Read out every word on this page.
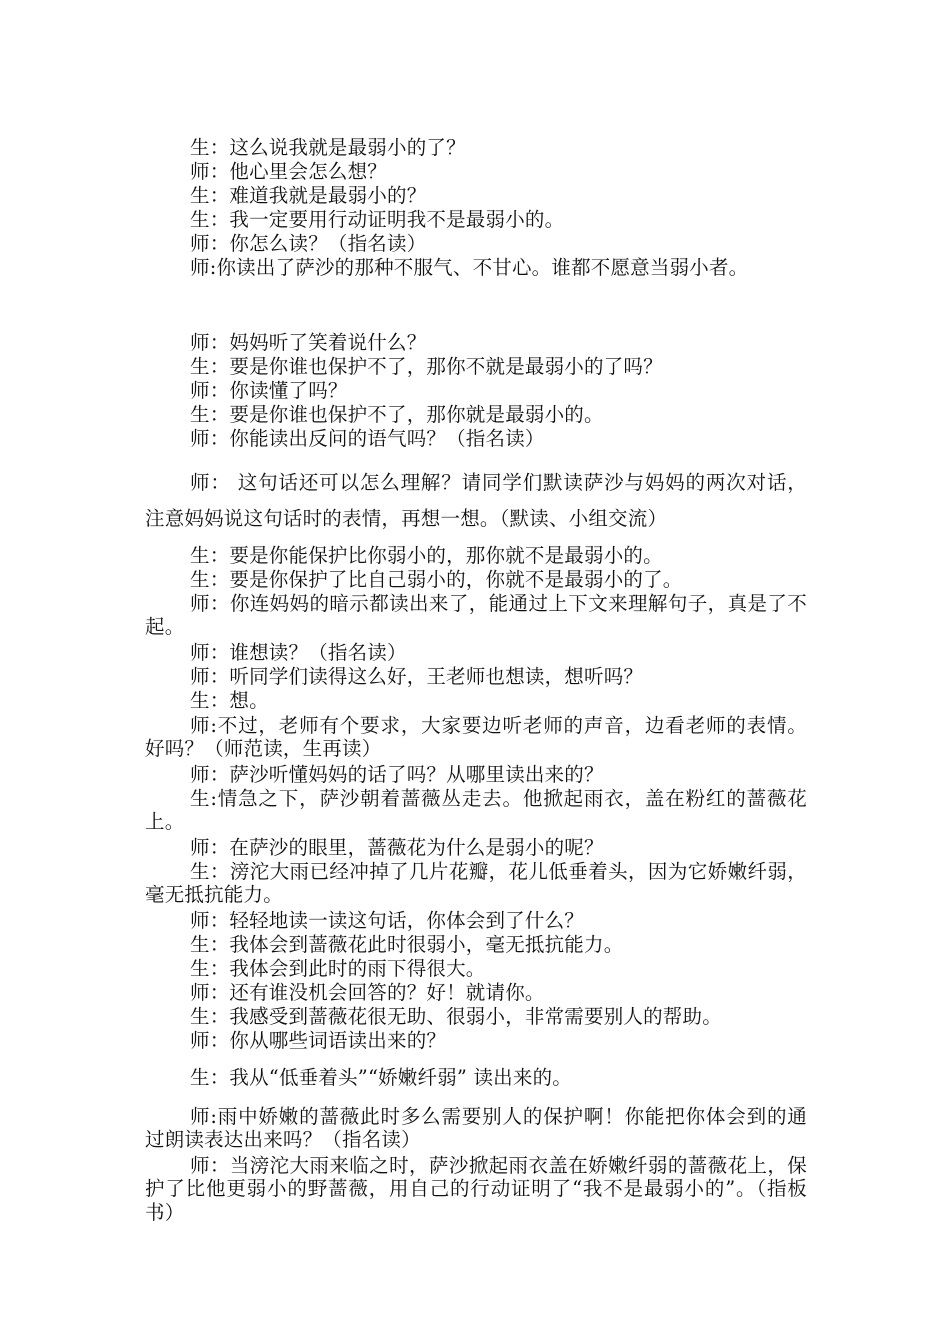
生：这么说我就是最弱小的了？

师：他心里会怎么想？

生：难道我就是最弱小的？

生：我一定要用行动证明我不是最弱小的。

师：你怎么读？（指名读）

师:你读出了萨沙的那种不服气、不甘心。谁都不愿意当弱小者。

师：妈妈听了笑着说什么？

生：要是你谁也保护不了，那你不就是最弱小的了吗？

师：你读懂了吗？

生：要是你谁也保护不了，那你就是最弱小的。

师：你能读出反问的语气吗？（指名读）

师： 这句话还可以怎么理解？请同学们默读萨沙与妈妈的两次对话，注意妈妈说这句话时的表情，再想一想。（默读、小组交流）

生：要是你能保护比你弱小的，那你就不是最弱小的。

生：要是你保护了比自己弱小的，你就不是最弱小的了。

师：你连妈妈的暗示都读出来了，能通过上下文来理解句子，真是了不起。

师：谁想读？（指名读）

师：听同学们读得这么好，王老师也想读，想听吗？

生：想。

师:不过，老师有个要求，大家要边听老师的声音，边看老师的表情。好吗？（师范读，生再读）

师：萨沙听懂妈妈的话了吗？从哪里读出来的？

生:情急之下，萨沙朝着蔷薇丛走去。他掀起雨衣，盖在粉红的蔷薇花上。

师：在萨沙的眼里，蔷薇花为什么是弱小的呢？

生：滂沱大雨已经冲掉了几片花瓣，花儿低垂着头，因为它娇嫩纤弱，毫无抵抗能力。

师：轻轻地读一读这句话，你体会到了什么？

生：我体会到蔷薇花此时很弱小，毫无抵抗能力。

生：我体会到此时的雨下得很大。

师：还有谁没机会回答的？好！就请你。

生：我感受到蔷薇花很无助、很弱小，非常需要别人的帮助。

师：你从哪些词语读出来的？

生：我从“低垂着头”“娇嫩纤弱” 读出来的。

师:雨中娇嫩的蔷薇此时多么需要别人的保护啊！你能把你体会到的通过朗读表达出来吗？（指名读）

师：当滂沱大雨来临之时，萨沙掀起雨衣盖在娇嫩纤弱的蔷薇花上，保护了比他更弱小的野蔷薇，用自己的行动证明了“我不是最弱小的”。（指板书）
